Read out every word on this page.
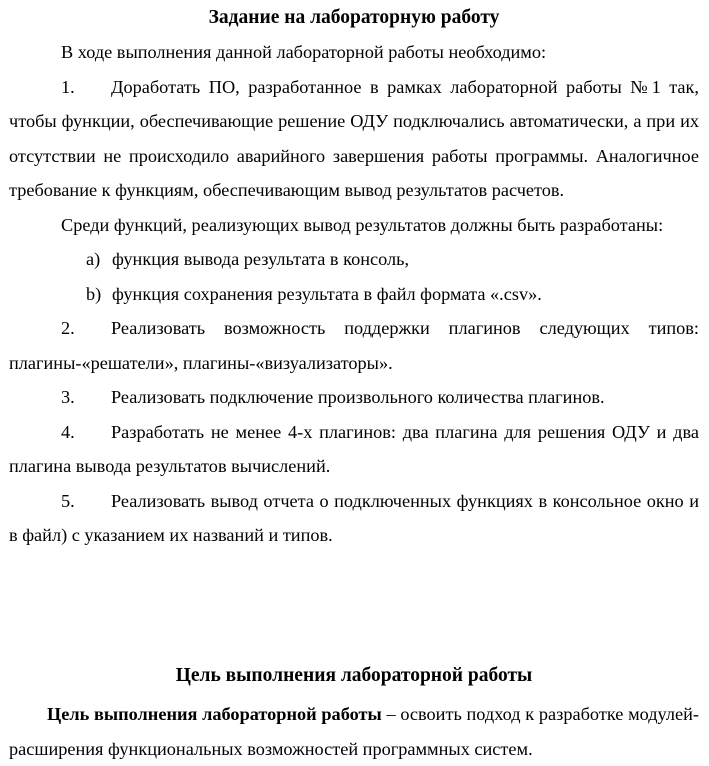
Задание на лабораторную работу

В ходе выполнения данной лабораторной работы необходимо:

1. Доработать ПО, разработанное в рамках лабораторной работы №1 так, чтобы функции, обеспечивающие решение ОДУ подключались автоматически, а при их отсутствии не происходило аварийного завершения работы программы. Аналогичное требование к функциям, обеспечивающим вывод результатов расчетов.

Среди функций, реализующих вывод результатов должны быть разработаны:

a) функция вывода результата в консоль,

b) функция сохранения результата в файл формата «.csv».

2. Реализовать возможность поддержки плагинов следующих типов: плагины-«решатели», плагины-«визуализаторы».

3. Реализовать подключение произвольного количества плагинов.

4. Разработать не менее 4-х плагинов: два плагина для решения ОДУ и два плагина вывода результатов вычислений.

5. Реализовать вывод отчета о подключенных функциях в консольное окно и в файл) с указанием их названий и типов.

Цель выполнения лабораторной работы

Цель выполнения лабораторной работы – освоить подход к разработке модулей-расширения функциональных возможностей программных систем.
